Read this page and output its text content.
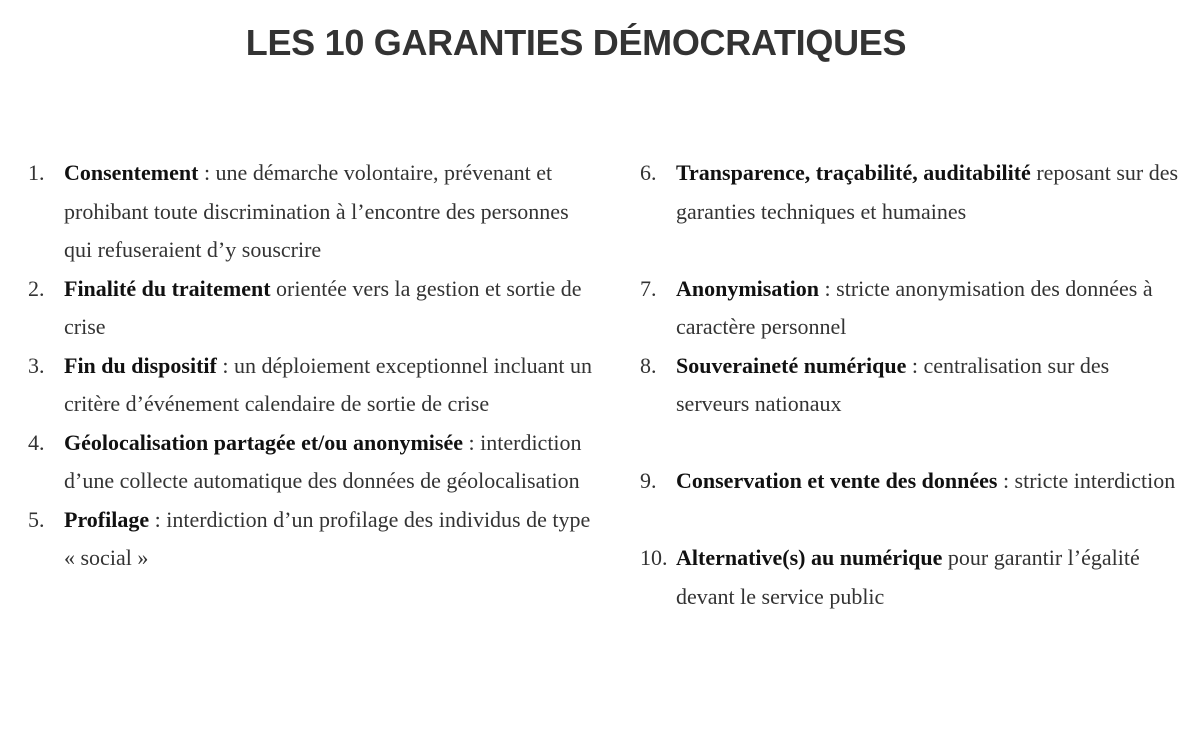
LES 10 GARANTIES DÉMOCRATIQUES
1. Consentement : une démarche volontaire, prévenant et prohibant toute discrimination à l’encontre des personnes qui refuseraient d’y souscrire
2. Finalité du traitement orientée vers la gestion et sortie de crise
3. Fin du dispositif : un déploiement exceptionnel incluant un critère d’événement calendaire de sortie de crise
4. Géolocalisation partagée et/ou anonymisée : interdiction d’une collecte automatique des données de géolocalisation
5. Profilage : interdiction d’un profilage des individus de type « social »
6. Transparence, traçabilité, auditabilité reposant sur des garanties techniques et humaines
7. Anonymisation : stricte anonymisation des données à caractère personnel
8. Souveraineté numérique : centralisation sur des serveurs nationaux
9. Conservation et vente des données : stricte interdiction
10. Alternative(s) au numérique pour garantir l’égalité devant le service public
